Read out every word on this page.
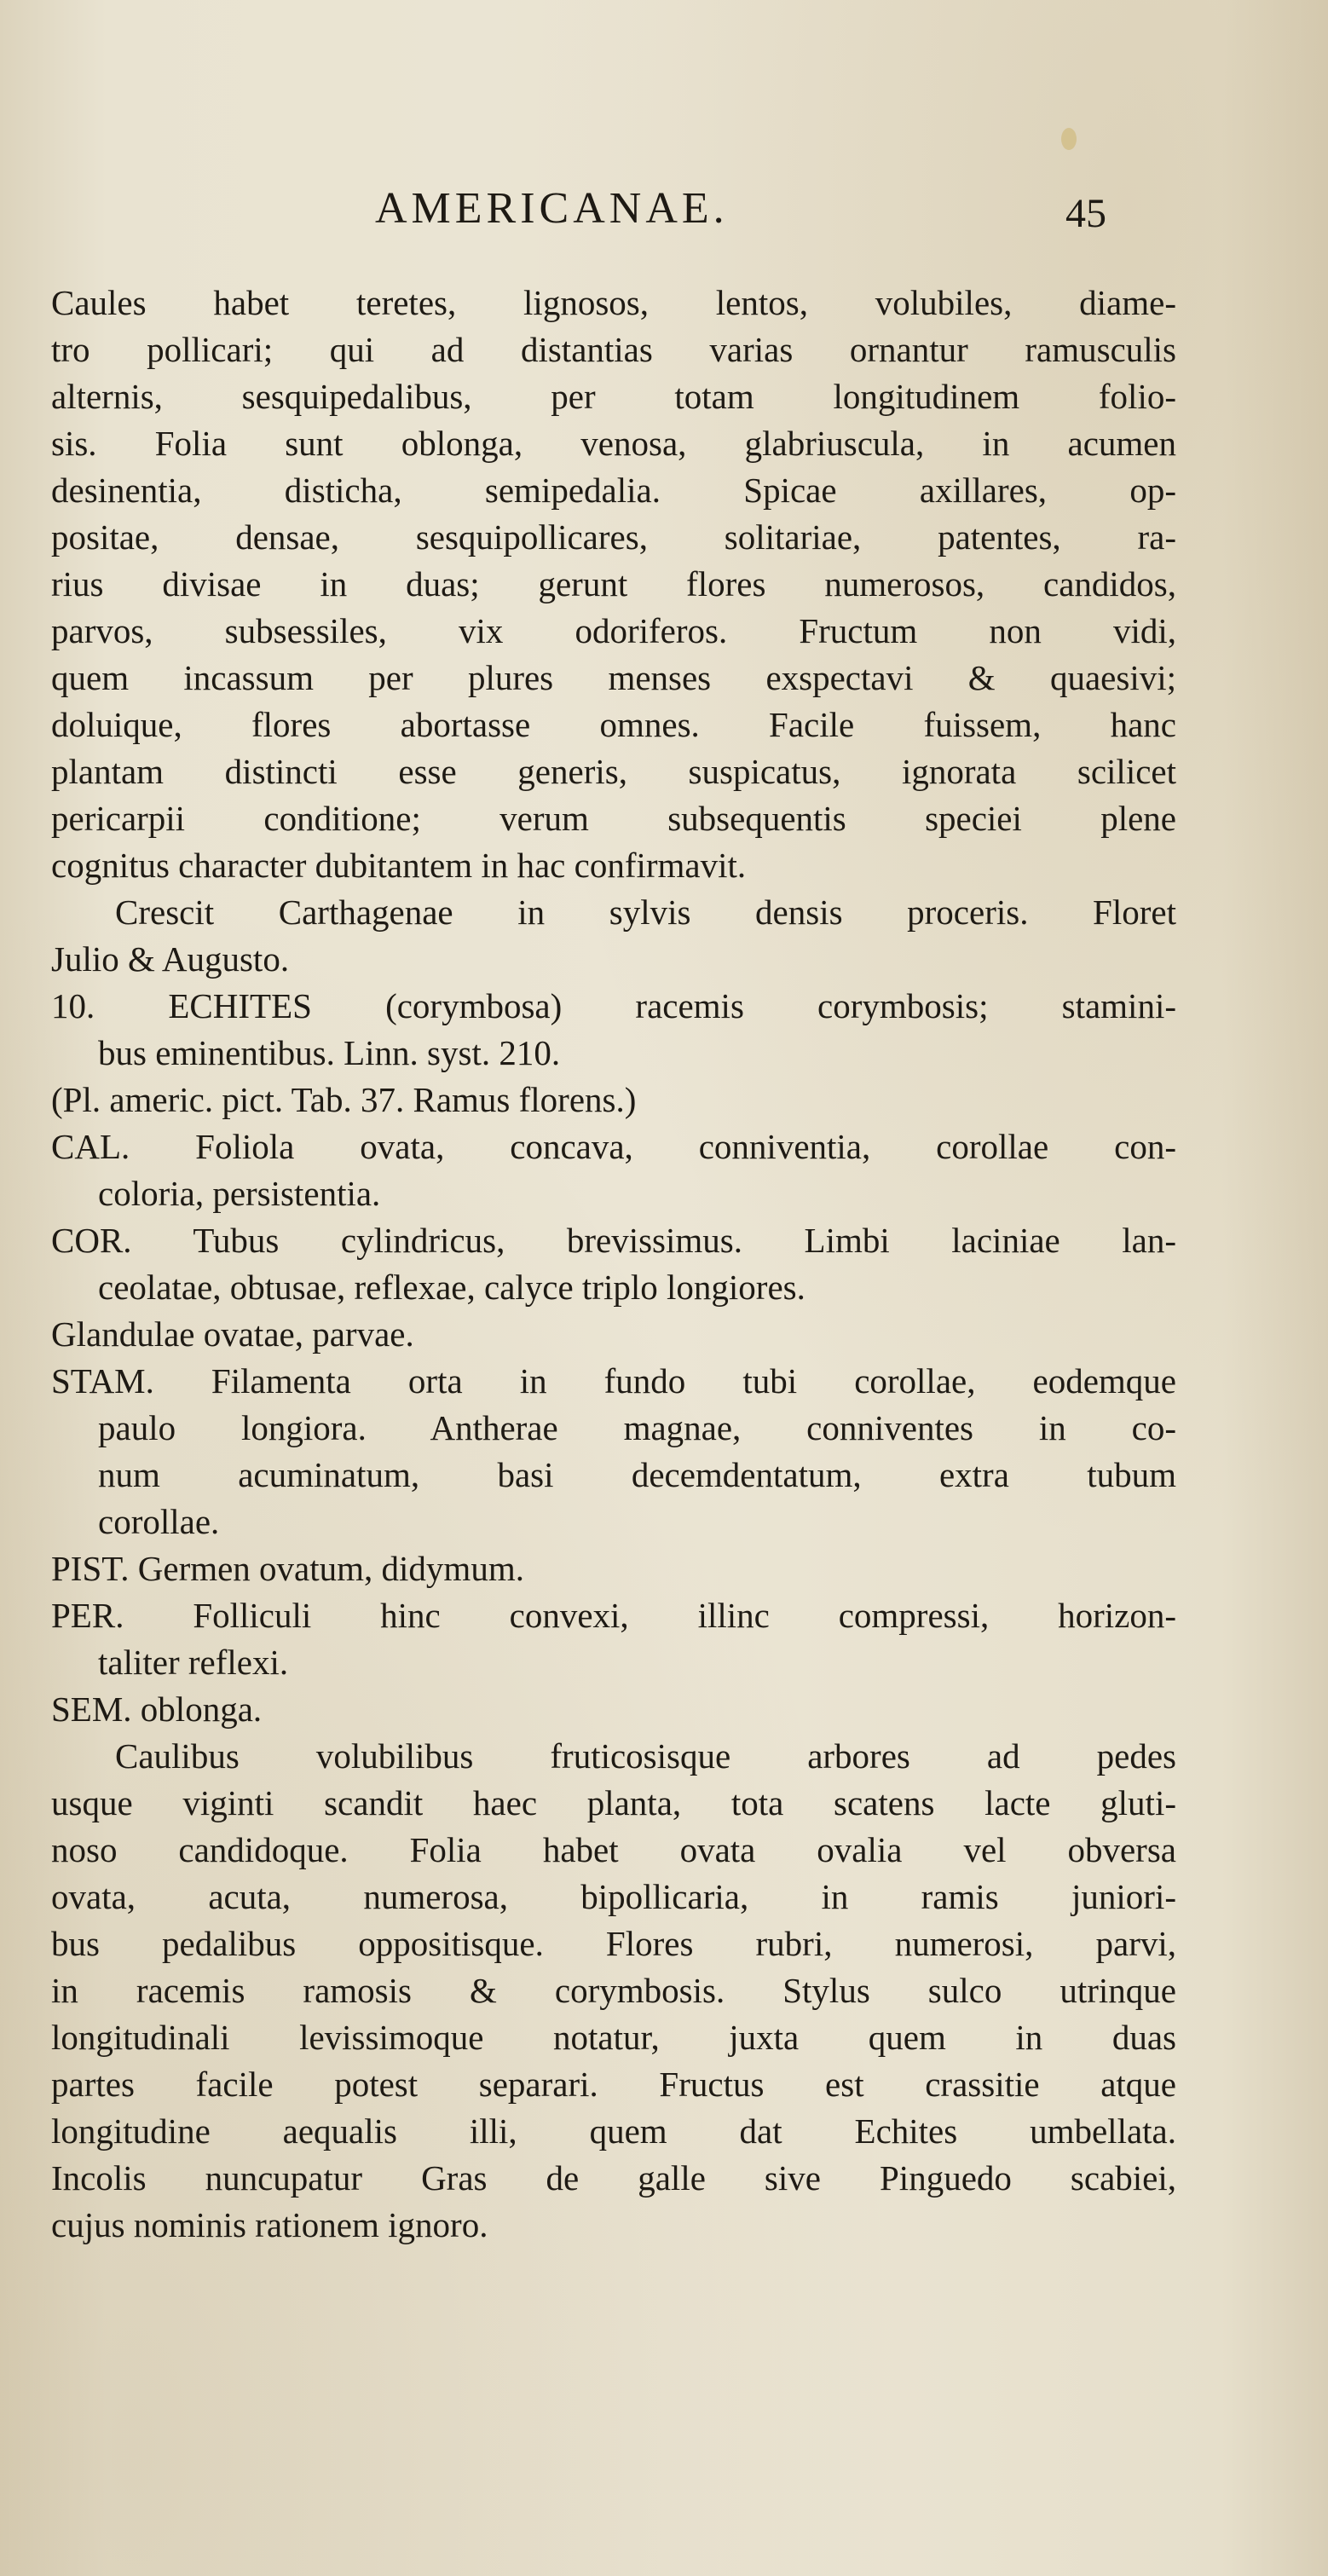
AMERICANAE.	45
Caules habet teretes, lignosos, lentos, volubiles, diame-
tro pollicari; qui ad distantias varias ornantur ramusculis
alternis, sesquipedalibus, per totam longitudinem folio-
sis. Folia sunt oblonga, venosa, glabriuscula, in acumen
desinentia, disticha, semipedalia. Spicae axillares, op-
positae, densae, sesquipollicares, solitariae, patentes, ra-
rius divisae in duas; gerunt flores numerosos, candidos,
parvos, subsessiles, vix odoriferos. Fructum non vidi,
quem incassum per plures menses exspectavi & quaesivi;
doluique, flores abortasse omnes. Facile fuissem, hanc
plantam distincti esse generis, suspicatus, ignorata scilicet
pericarpii conditione; verum subsequentis speciei plene
cognitus character dubitantem in hac confirmavit.
Crescit Carthagenae in sylvis densis proceris. Floret
Julio & Augusto.
10. ECHITES (corymbosa) racemis corymbosis; stamini-
bus eminentibus. Linn. syst. 210.
(Pl. americ. pict. Tab. 37. Ramus florens.)
CAL. Foliola ovata, concava, conniventia, corollae con-
coloria, persistentia.
COR. Tubus cylindricus, brevissimus. Limbi laciniae lan-
ceolatae, obtusae, reflexae, calyce triplo longiores.
Glandulae ovatae, parvae.
STAM. Filamenta orta in fundo tubi corollae, eodemque
paulo longiora. Antherae magnae, conniventes in co-
num acuminatum, basi decemdentatum, extra tubum
corollae.
PIST. Germen ovatum, didymum.
PER. Folliculi hinc convexi, illinc compressi, horizon-
taliter reflexi.
SEM. oblonga.
Caulibus volubilibus fruticosisque arbores ad pedes
usque viginti scandit haec planta, tota scatens lacte gluti-
noso candidoque. Folia habet ovata ovalia vel obversa
ovata, acuta, numerosa, bipollicaria, in ramis juniori-
bus pedalibus oppositisque. Flores rubri, numerosi, parvi,
in racemis ramosis & corymbosis. Stylus sulco utrinque
longitudinali levissimoque notatur, juxta quem in duas
partes facile potest separari. Fructus est crassitie atque
longitudine aequalis illi, quem dat Echites umbellata.
Incolis nuncupatur Gras de galle sive Pinguedo scabiei,
cujus nominis rationem ignoro.
